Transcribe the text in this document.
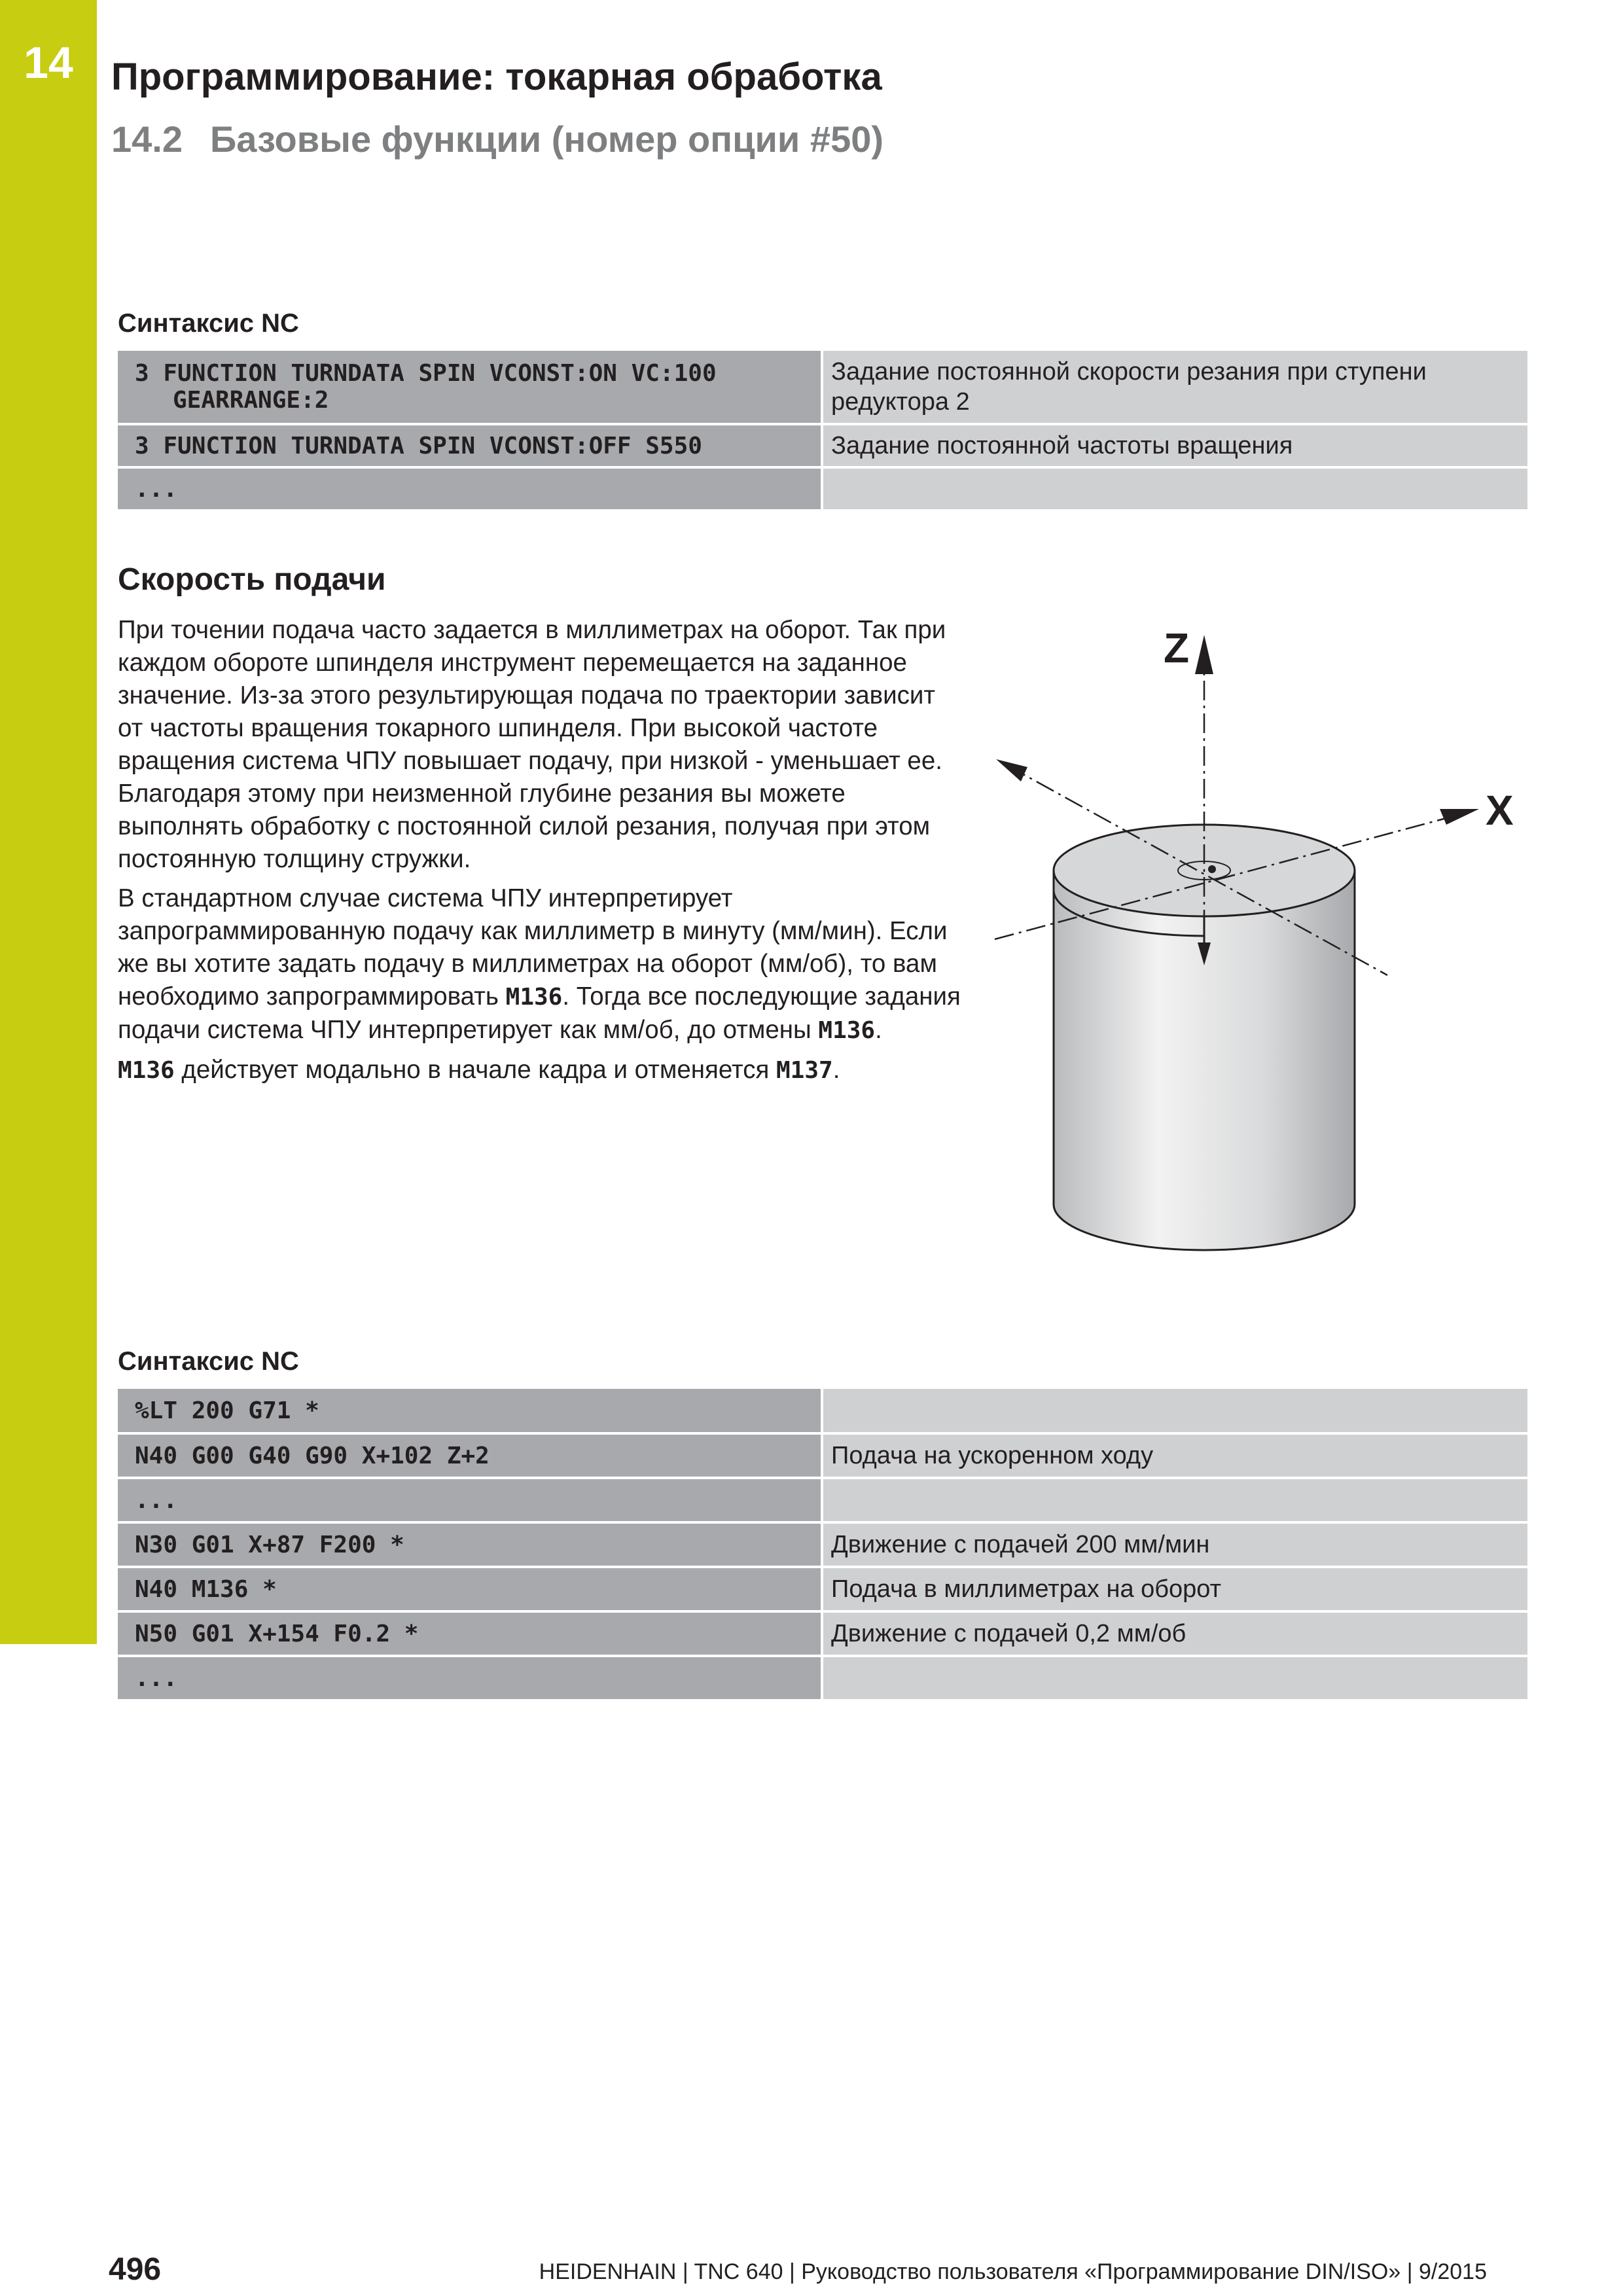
14	Программирование: токарная обработка
14.2 Базовые функции (номер опции #50)
Синтаксис NC
3 FUNCTION TURNDATA SPIN VCONST:ON VC:100
GEARRANGE:2	Задание постоянной скорости резания при ступени редуктора 2
3 FUNCTION TURNDATA SPIN VCONST:OFF S550	Задание постоянной частоты вращения
...	
Скорость подачи

При точении подача часто задается в миллиметрах на оборот. Так при каждом обороте шпинделя инструмент перемещается на заданное значение. Из-за этого результирующая подача по траектории зависит от частоты вращения токарного шпинделя. При высокой частоте вращения система ЧПУ повышает подачу, при низкой - уменьшает ее. Благодаря этому при неизменной глубине резания вы можете выполнять обработку с постоянной силой резания, получая при этом постоянную толщину стружки.

В стандартном случае система ЧПУ интерпретирует запрограммированную подачу как миллиметр в минуту (мм/мин). Если же вы хотите задать подачу в миллиметрах на оборот (мм/об), то вам необходимо запрограммировать M136. Тогда все последующие задания подачи система ЧПУ интерпретирует как мм/об, до отмены M136.

M136 действует модально в начале кадра и отменяется M137.

Z
X
Синтаксис NC
%LT 200 G71 *	
N40 G00 G40 G90 X+102 Z+2	Подача на ускоренном ходу
...	
N30 G01 X+87 F200 *	Движение с подачей 200 мм/мин
N40 M136 *	Подача в миллиметрах на оборот
N50 G01 X+154 F0.2 *	Движение с подачей 0,2 мм/об
...	
496	HEIDENHAIN | TNC 640 | Руководство пользователя «Программирование DIN/ISO» | 9/2015
